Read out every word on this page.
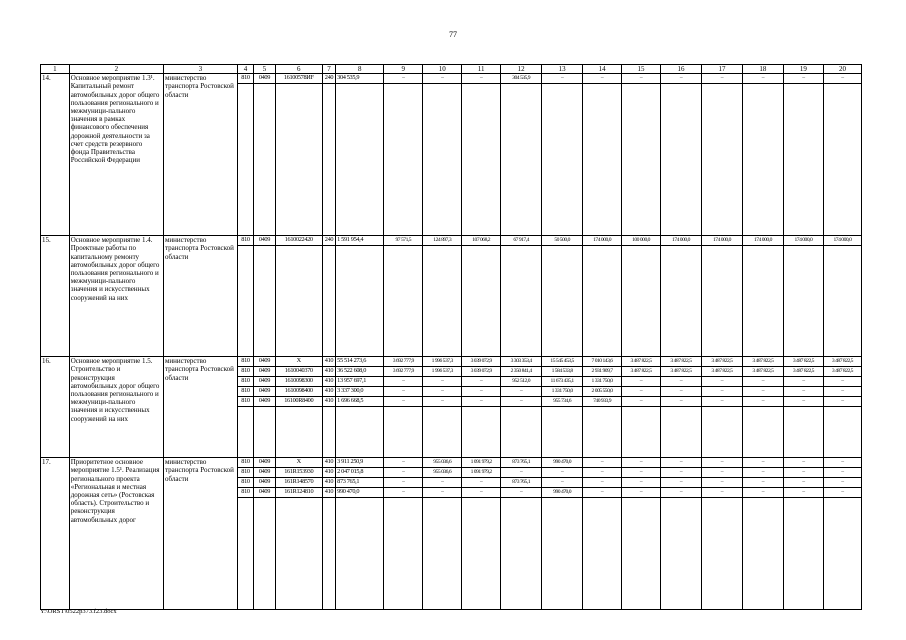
77
1	2	3	4	5	6	7	8	9	10	11	12	13	14	15	16	17	18	19	20
14.	Основное мероприятие 1.3¹. Капитальный ремонт автомобильных дорог общего пользования регионального и межмуници-пального значения в рамках финансового обеспечения дорожной деятельности за счет средств резервного фонда Правительства Российской Федерации	министерство транспорта Ростовской области	810	0409	16100578ИF	240	304 535,9	–	–	–	304 535,9	–	–	–	–	–	–	–	–

15.	Основное мероприятие 1.4. Проектные работы по капитальному ремонту автомобильных дорог общего пользования регионального и межмуници-пального значения и искусственных сооружений на них	министерство транспорта Ростовской области	810	0409	1610022420	240	1 591 954,4	97 571,5	124 897,3	107 068,2	67 917,4	50 500,0	174 000,0	100 000,0	174 000,0	174 000,0	174 000,0	174 000,0	174 000,0

16.	Основное мероприятие 1.5. Строительство и реконструкция автомобильных дорог общего пользования регионального и межмуници-пального значения и искусственных сооружений на них	министерство транспорта Ростовской области	810	0409	Х	410	55 514 273,6	3 692 777,9	1 996 537,3	3 039 072,9	3 303 353,4	15 545 453,5	7 010 143,6	3 487 822,5	3 487 822,5	3 487 822,5	3 487 822,5	3 487 822,5	3 487 822,5
			810	0409	1610040370	410	36 522 608,0	3 692 777,9	1 996 537,3	3 039 072,9	2 350 841,4	1 584 533,8	2 931 909,7	3 487 822,5	3 487 822,5	3 487 822,5	3 487 822,5	3 487 822,5	3 487 822,5
			810	0409	1610098300	410	13 957 697,1	–	–	–	952 512,0	11 673 435,1	1 331 750,0	–	–	–	–	–	–
			810	0409	1610098400	410	3 337 300,0	–	–	–	–	1 331 750,0	2 005 550,0	–	–	–	–	–	–
			810	0409	16100R8400	410	1 696 668,5	–	–	–	–	955 734,6	740 933,9	–	–	–	–	–	–

17.	Приоритетное основное мероприятие 1.5¹. Реализация регионального проекта «Региональная и местная дорожная сеть» (Ростовская область). Строительство и реконструкция автомобильных дорог	министерство транспорта Ростовской области	810	0409	Х	410	3 911 250,9	–	955 036,6	1 091 979,2	873 765,1	990 470,0	–	–	–	–	–	–	–
			810	0409	161R153930	410	2 047 015,8	–	955 036,6	1 091 979,2	–	–	–	–	–	–	–	–	–
			810	0409	161R148570	410	873 765,1	–	–	–	873 765,1	–	–	–	–	–	–	–	–
			810	0409	161R124810	410	990 470,0	–	–	–	–	990 470,0	–	–	–	–	–	–	–

Y:\ORST\0522p373.f23.docx
